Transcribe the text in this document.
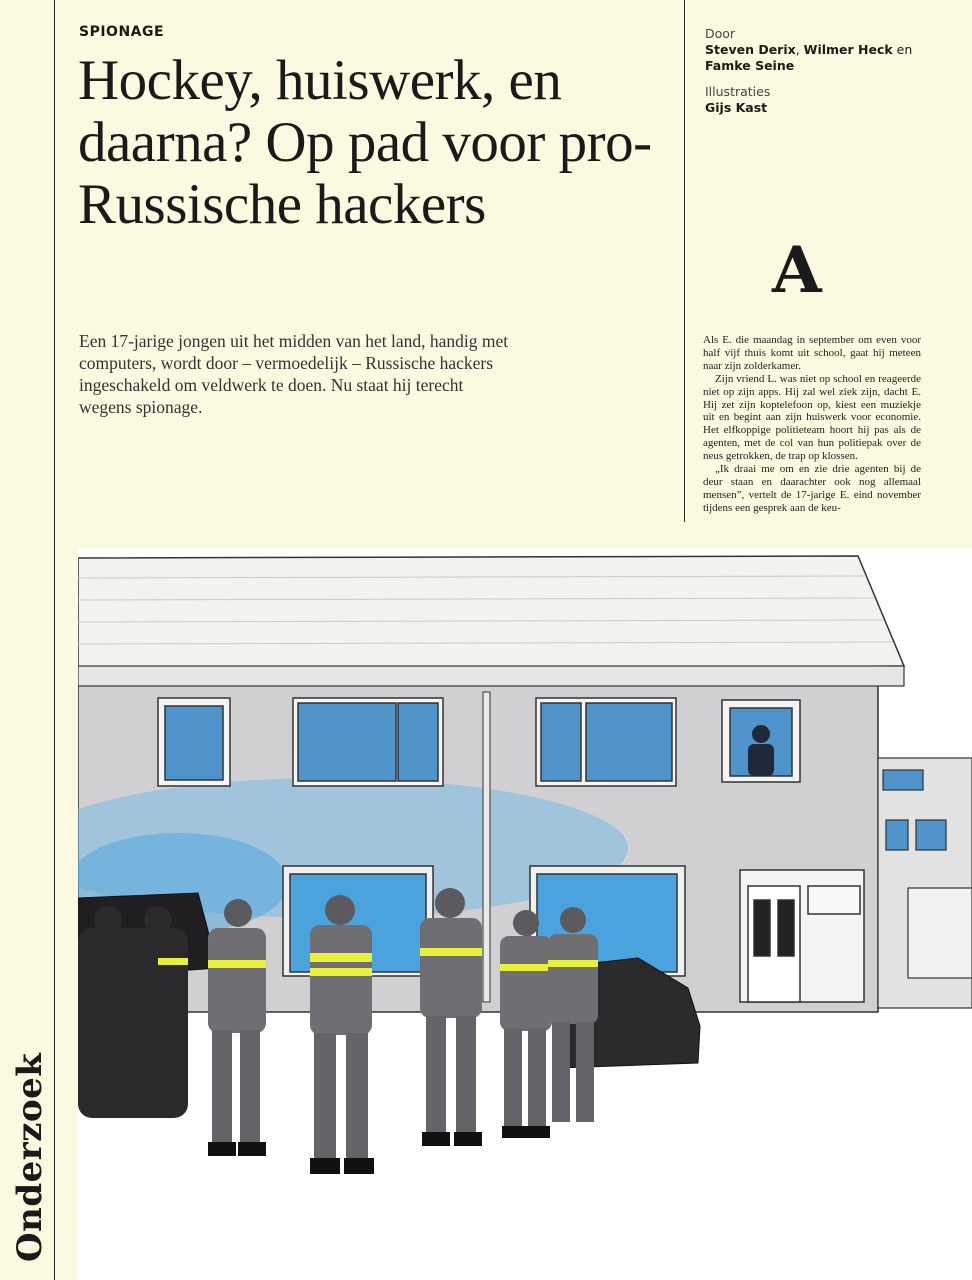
SPIONAGE
Hockey, huiswerk, en daarna? Op pad voor pro-Russische hackers
Een 17-jarige jongen uit het midden van het land, handig met computers, wordt door – vermoedelijk – Russische hackers ingeschakeld om veldwerk te doen. Nu staat hij terecht wegens spionage.
Door
Steven Derix, Wilmer Heck en Famke Seine
Illustraties
Gijs Kast
A

Als E. die maandag in september om even voor half vijf thuis komt uit school, gaat hij meteen naar zijn zolderkamer.

Zijn vriend L. was niet op school en reageerde niet op zijn apps. Hij zal wel ziek zijn, dacht E. Hij zet zijn koptelefoon op, kiest een muziekje uit en begint aan zijn huiswerk voor economie. Het elfkoppige politieteam hoort hij pas als de agenten, met de col van hun politiepak over de neus getrokken, de trap op klossen.

„Ik draai me om en zie drie agenten bij de deur staan en daarachter ook nog allemaal mensen”, vertelt de 17-jarige E. eind november tijdens een gesprek aan de keu-

Onderzoek
